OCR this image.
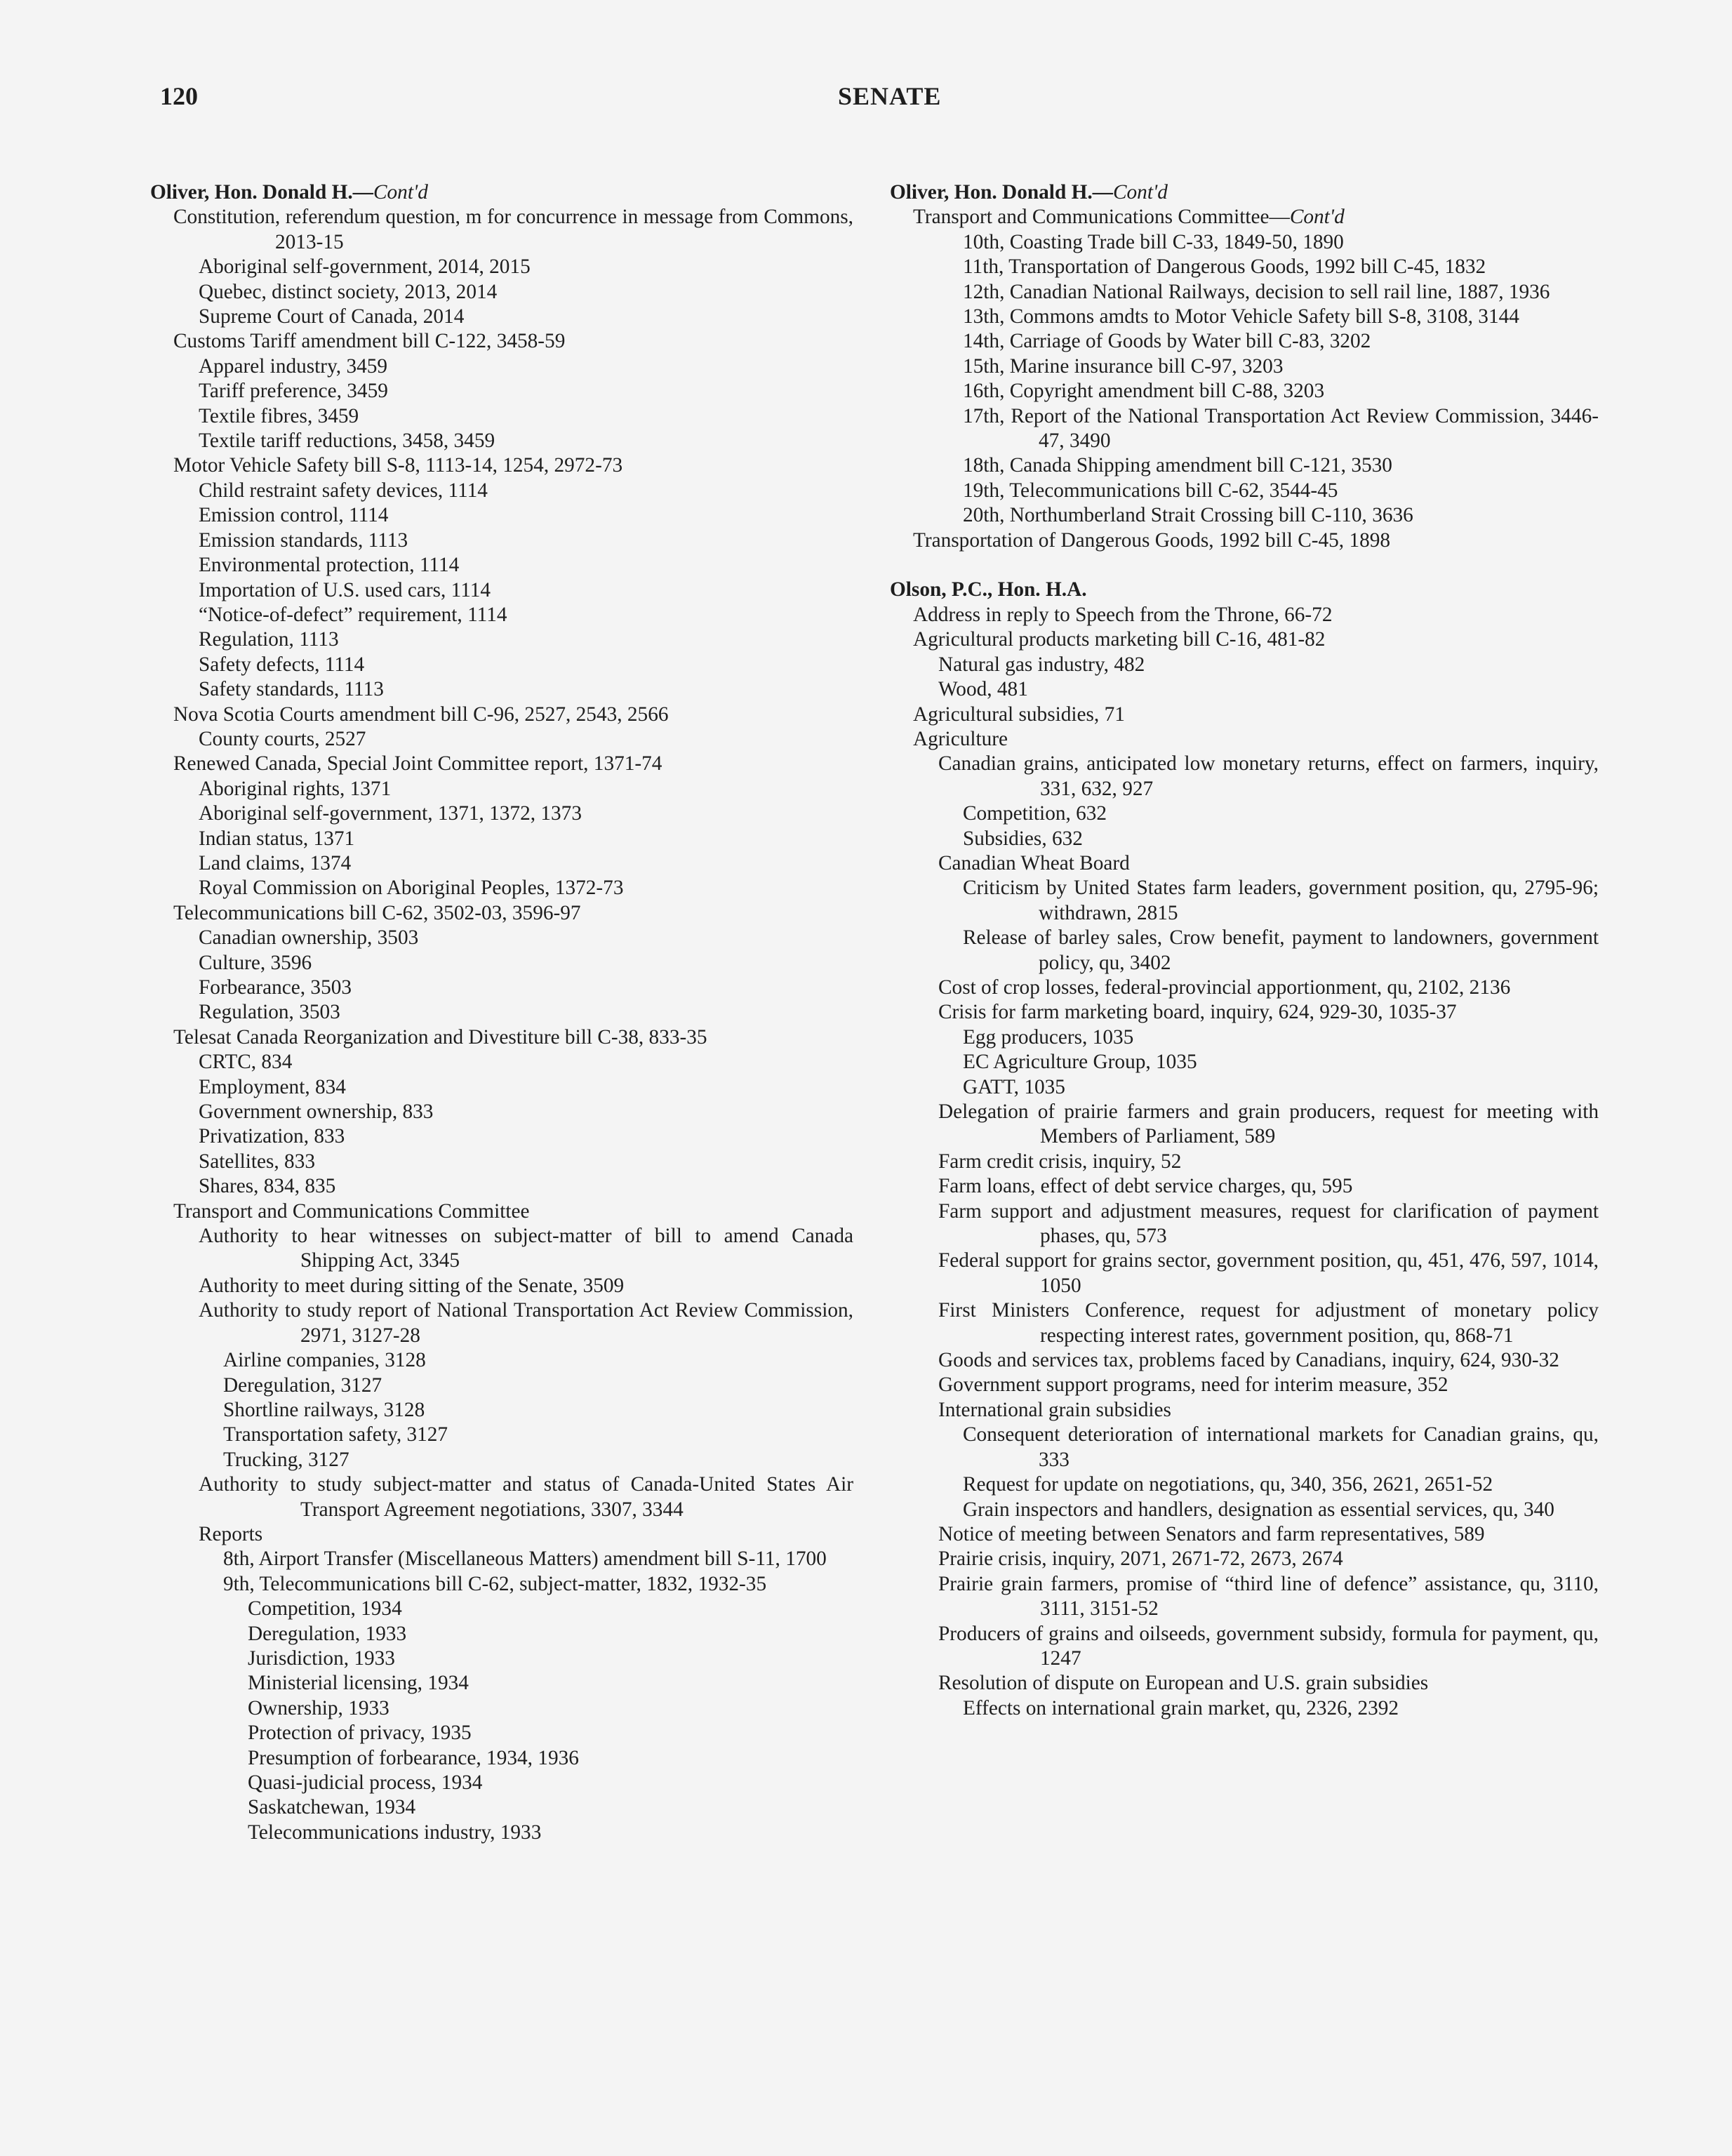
120	SENATE
Oliver, Hon. Donald H.—Cont'd
Constitution, referendum question, m for concurrence in message from Commons, 2013-15
Aboriginal self-government, 2014, 2015
Quebec, distinct society, 2013, 2014
Supreme Court of Canada, 2014
Customs Tariff amendment bill C-122, 3458-59
Apparel industry, 3459
Tariff preference, 3459
Textile fibres, 3459
Textile tariff reductions, 3458, 3459
Motor Vehicle Safety bill S-8, 1113-14, 1254, 2972-73
Child restraint safety devices, 1114
Emission control, 1114
Emission standards, 1113
Environmental protection, 1114
Importation of U.S. used cars, 1114
“Notice-of-defect” requirement, 1114
Regulation, 1113
Safety defects, 1114
Safety standards, 1113
Nova Scotia Courts amendment bill C-96, 2527, 2543, 2566
County courts, 2527
Renewed Canada, Special Joint Committee report, 1371-74
Aboriginal rights, 1371
Aboriginal self-government, 1371, 1372, 1373
Indian status, 1371
Land claims, 1374
Royal Commission on Aboriginal Peoples, 1372-73
Telecommunications bill C-62, 3502-03, 3596-97
Canadian ownership, 3503
Culture, 3596
Forbearance, 3503
Regulation, 3503
Telesat Canada Reorganization and Divestiture bill C-38, 833-35
CRTC, 834
Employment, 834
Government ownership, 833
Privatization, 833
Satellites, 833
Shares, 834, 835
Transport and Communications Committee
Authority to hear witnesses on subject-matter of bill to amend Canada Shipping Act, 3345
Authority to meet during sitting of the Senate, 3509
Authority to study report of National Transportation Act Review Commission, 2971, 3127-28
Airline companies, 3128
Deregulation, 3127
Shortline railways, 3128
Transportation safety, 3127
Trucking, 3127
Authority to study subject-matter and status of Canada-United States Air Transport Agreement negotiations, 3307, 3344
Reports
8th, Airport Transfer (Miscellaneous Matters) amendment bill S-11, 1700
9th, Telecommunications bill C-62, subject-matter, 1832, 1932-35
Competition, 1934
Deregulation, 1933
Jurisdiction, 1933
Ministerial licensing, 1934
Ownership, 1933
Protection of privacy, 1935
Presumption of forbearance, 1934, 1936
Quasi-judicial process, 1934
Saskatchewan, 1934
Telecommunications industry, 1933
Oliver, Hon. Donald H.—Cont'd
Transport and Communications Committee—Cont'd
10th, Coasting Trade bill C-33, 1849-50, 1890
11th, Transportation of Dangerous Goods, 1992 bill C-45, 1832
12th, Canadian National Railways, decision to sell rail line, 1887, 1936
13th, Commons amdts to Motor Vehicle Safety bill S-8, 3108, 3144
14th, Carriage of Goods by Water bill C-83, 3202
15th, Marine insurance bill C-97, 3203
16th, Copyright amendment bill C-88, 3203
17th, Report of the National Transportation Act Review Commission, 3446-47, 3490
18th, Canada Shipping amendment bill C-121, 3530
19th, Telecommunications bill C-62, 3544-45
20th, Northumberland Strait Crossing bill C-110, 3636
Transportation of Dangerous Goods, 1992 bill C-45, 1898
Olson, P.C., Hon. H.A.
Address in reply to Speech from the Throne, 66-72
Agricultural products marketing bill C-16, 481-82
Natural gas industry, 482
Wood, 481
Agricultural subsidies, 71
Agriculture
Canadian grains, anticipated low monetary returns, effect on farmers, inquiry, 331, 632, 927
Competition, 632
Subsidies, 632
Canadian Wheat Board
Criticism by United States farm leaders, government position, qu, 2795-96; withdrawn, 2815
Release of barley sales, Crow benefit, payment to landowners, government policy, qu, 3402
Cost of crop losses, federal-provincial apportionment, qu, 2102, 2136
Crisis for farm marketing board, inquiry, 624, 929-30, 1035-37
Egg producers, 1035
EC Agriculture Group, 1035
GATT, 1035
Delegation of prairie farmers and grain producers, request for meeting with Members of Parliament, 589
Farm credit crisis, inquiry, 52
Farm loans, effect of debt service charges, qu, 595
Farm support and adjustment measures, request for clarification of payment phases, qu, 573
Federal support for grains sector, government position, qu, 451, 476, 597, 1014, 1050
First Ministers Conference, request for adjustment of monetary policy respecting interest rates, government position, qu, 868-71
Goods and services tax, problems faced by Canadians, inquiry, 624, 930-32
Government support programs, need for interim measure, 352
International grain subsidies
Consequent deterioration of international markets for Canadian grains, qu, 333
Request for update on negotiations, qu, 340, 356, 2621, 2651-52
Grain inspectors and handlers, designation as essential services, qu, 340
Notice of meeting between Senators and farm representatives, 589
Prairie crisis, inquiry, 2071, 2671-72, 2673, 2674
Prairie grain farmers, promise of “third line of defence” assistance, qu, 3110, 3111, 3151-52
Producers of grains and oilseeds, government subsidy, formula for payment, qu, 1247
Resolution of dispute on European and U.S. grain subsidies
Effects on international grain market, qu, 2326, 2392
